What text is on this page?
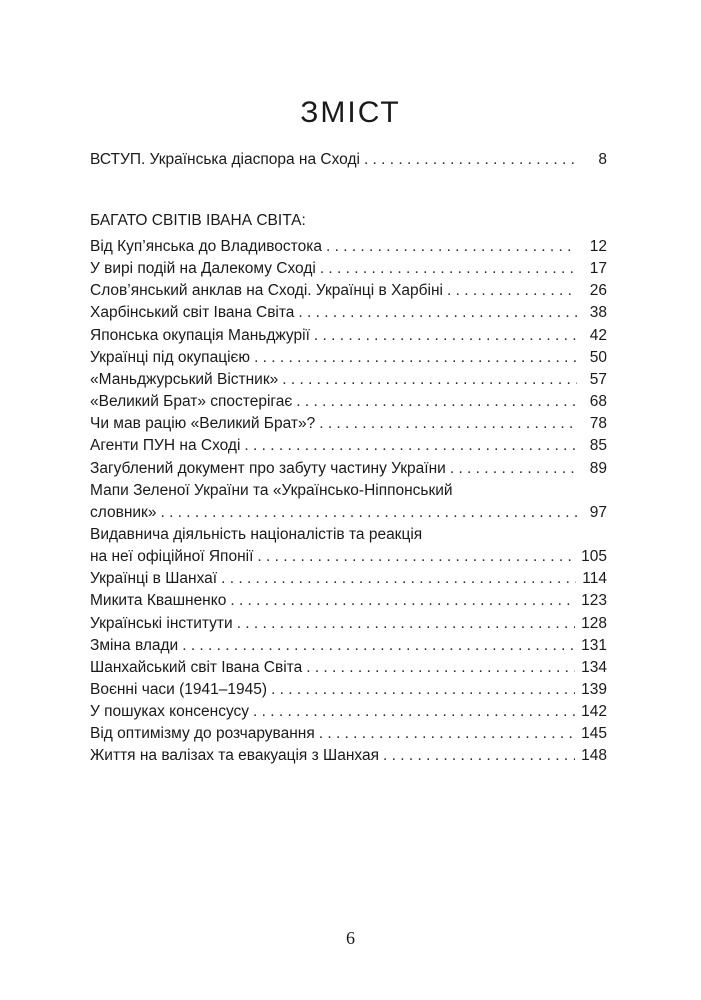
ЗМІСТ
ВСТУП. Українська діаспора на Сході . . .	8
БАГАТО СВІТІВ ІВАНА СВІТА:
Від Куп’янська до Владивостока . . .	12
У вирі подій на Далекому Сході . . .	17
Слов’янський анклав на Сході. Українці в Харбіні . . .	26
Харбінський світ Івана Світа . . .	38
Японська окупація Маньджурії . . .	42
Українці під окупацією . . .	50
«Маньджурський Вістник» . . .	57
«Великий Брат» спостерігає . . .	68
Чи мав рацію «Великий Брат»? . . .	78
Агенти ПУН на Сході . . .	85
Загублений документ про забуту частину України . . .	89
Мапи Зеленої України та «Українсько-Ніппонський
словник» . . .	97
Видавнича діяльність націоналістів та реакція
на неї офіційної Японії . . .	105
Українці в Шанхаї . . .	114
Микита Квашненко . . .	123
Українські інститути . . .	128
Зміна влади . . .	131
Шанхайський світ Івана Світа . . .	134
Воєнні часи (1941–1945) . . .	139
У пошуках консенсусу . . .	142
Від оптимізму до розчарування . . .	145
Життя на валізах та евакуація з Шанхая . . .	148
6
